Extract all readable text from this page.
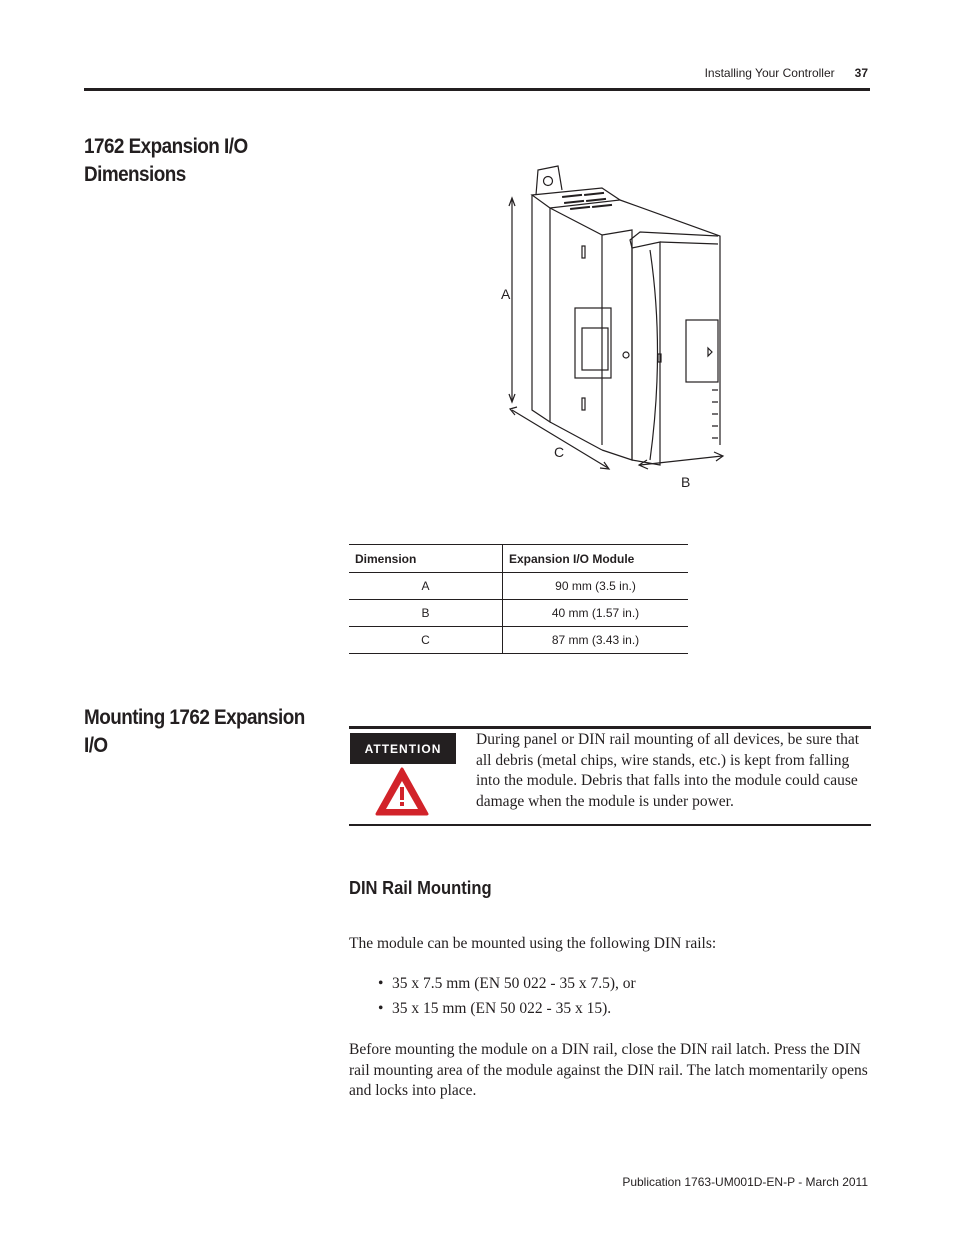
Installing Your Controller 37
1762 Expansion I/O Dimensions
A
C
B
Dimension	Expansion I/O Module
A	90 mm (3.5 in.)
B	40 mm (1.57 in.)
C	87 mm (3.43 in.)
Mounting 1762 Expansion I/O	ATTENTION
During panel or DIN rail mounting of all devices, be sure that all debris (metal chips, wire stands, etc.) is kept from falling into the module. Debris that falls into the module could cause damage when the module is under power.
DIN Rail Mounting
The module can be mounted using the following DIN rails:
• 35 x 7.5 mm (EN 50 022 - 35 x 7.5), or
• 35 x 15 mm (EN 50 022 - 35 x 15).
Before mounting the module on a DIN rail, close the DIN rail latch. Press the DIN rail mounting area of the module against the DIN rail. The latch momentarily opens and locks into place.
Publication 1763-UM001D-EN-P - March 2011
